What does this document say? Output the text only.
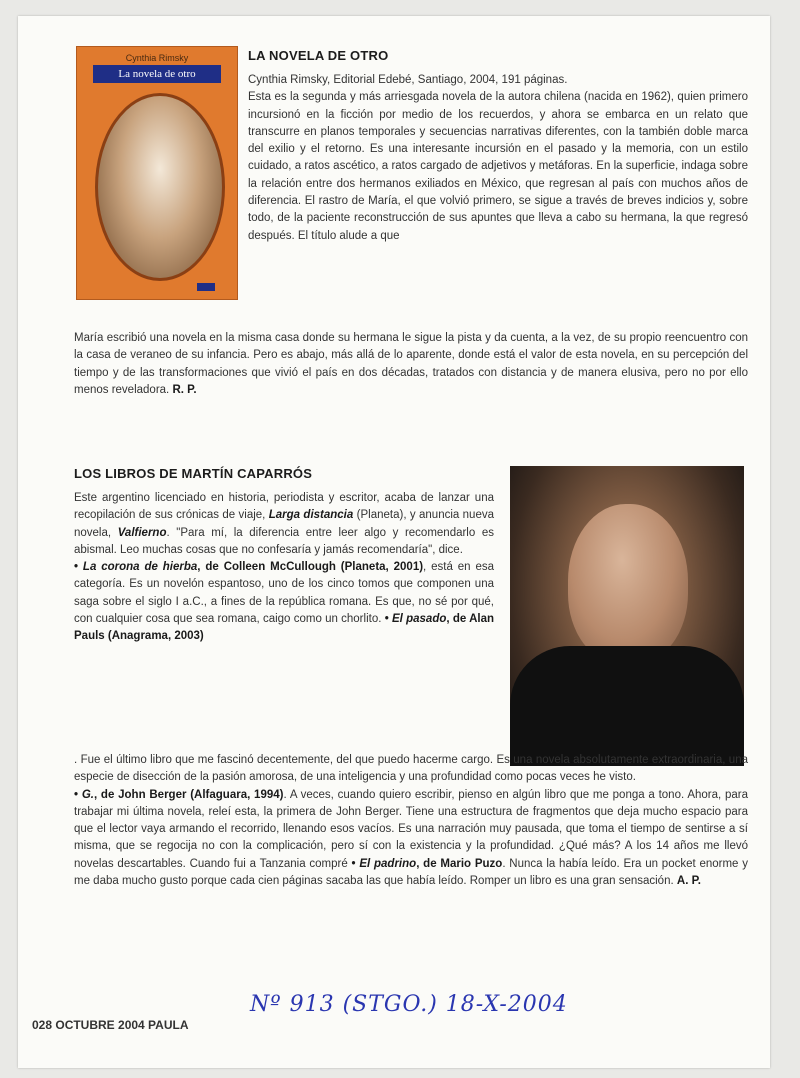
Cynthia Rimsky
La novela de otro
LA NOVELA DE OTRO

Cynthia Rimsky, Editorial Edebé, Santiago, 2004, 191 páginas.
Esta es la segunda y más arriesgada novela de la autora chilena (nacida en 1962), quien primero incursionó en la ficción por medio de los recuerdos, y ahora se embarca en un relato que transcurre en planos temporales y secuencias narrativas diferentes, con la también doble marca del exilio y el retorno. Es una interesante incursión en el pasado y la memoria, con un estilo cuidado, a ratos ascético, a ratos cargado de adjetivos y metáforas. En la superficie, indaga sobre la relación entre dos hermanos exiliados en México, que regresan al país con muchos años de diferencia. El rastro de María, el que volvió primero, se sigue a través de breves indicios y, sobre todo, de la paciente reconstrucción de sus apuntes que lleva a cabo su hermana, la que regresó después. El título alude a que

María escribió una novela en la misma casa donde su hermana le sigue la pista y da cuenta, a la vez, de su propio reencuentro con la casa de veraneo de su infancia. Pero es abajo, más allá de lo aparente, donde está el valor de esta novela, en su percepción del tiempo y de las transformaciones que vivió el país en dos décadas, tratados con distancia y de manera elusiva, pero no por ello menos reveladora. R. P.

LOS LIBROS DE MARTÍN CAPARRÓS

Este argentino licenciado en historia, periodista y escritor, acaba de lanzar una recopilación de sus crónicas de viaje, Larga distancia (Planeta), y anuncia nueva novela, Valfierno. "Para mí, la diferencia entre leer algo y recomendarlo es abismal. Leo muchas cosas que no confesaría y jamás recomendaría", dice.
• La corona de hierba, de Colleen McCullough (Planeta, 2001), está en esa categoría. Es un novelón espantoso, uno de los cinco tomos que componen una saga sobre el siglo I a.C., a fines de la república romana. Es que, no sé por qué, con cualquier cosa que sea romana, caigo como un chorlito. • El pasado, de Alan Pauls (Anagrama, 2003)

. Fue el último libro que me fascinó decentemente, del que puedo hacerme cargo. Es una novela absolutamente extraordinaria, una especie de disección de la pasión amorosa, de una inteligencia y una profundidad como pocas veces he visto.
• G., de John Berger (Alfaguara, 1994). A veces, cuando quiero escribir, pienso en algún libro que me ponga a tono. Ahora, para trabajar mi última novela, releí esta, la primera de John Berger. Tiene una estructura de fragmentos que deja mucho espacio para que el lector vaya armando el recorrido, llenando esos vacíos. Es una narración muy pausada, que toma el tiempo de sentirse a sí misma, que se regocija no con la complicación, pero sí con la existencia y la profundidad. ¿Qué más? A los 14 años me llevó novelas descartables. Cuando fui a Tanzania compré • El padrino, de Mario Puzo. Nunca la había leído. Era un pocket enorme y me daba mucho gusto porque cada cien páginas sacaba las que había leído. Romper un libro es una gran sensación. A. P.

028 OCTUBRE 2004 PAULA
Nº 913 (STGO.) 18-X-2004
